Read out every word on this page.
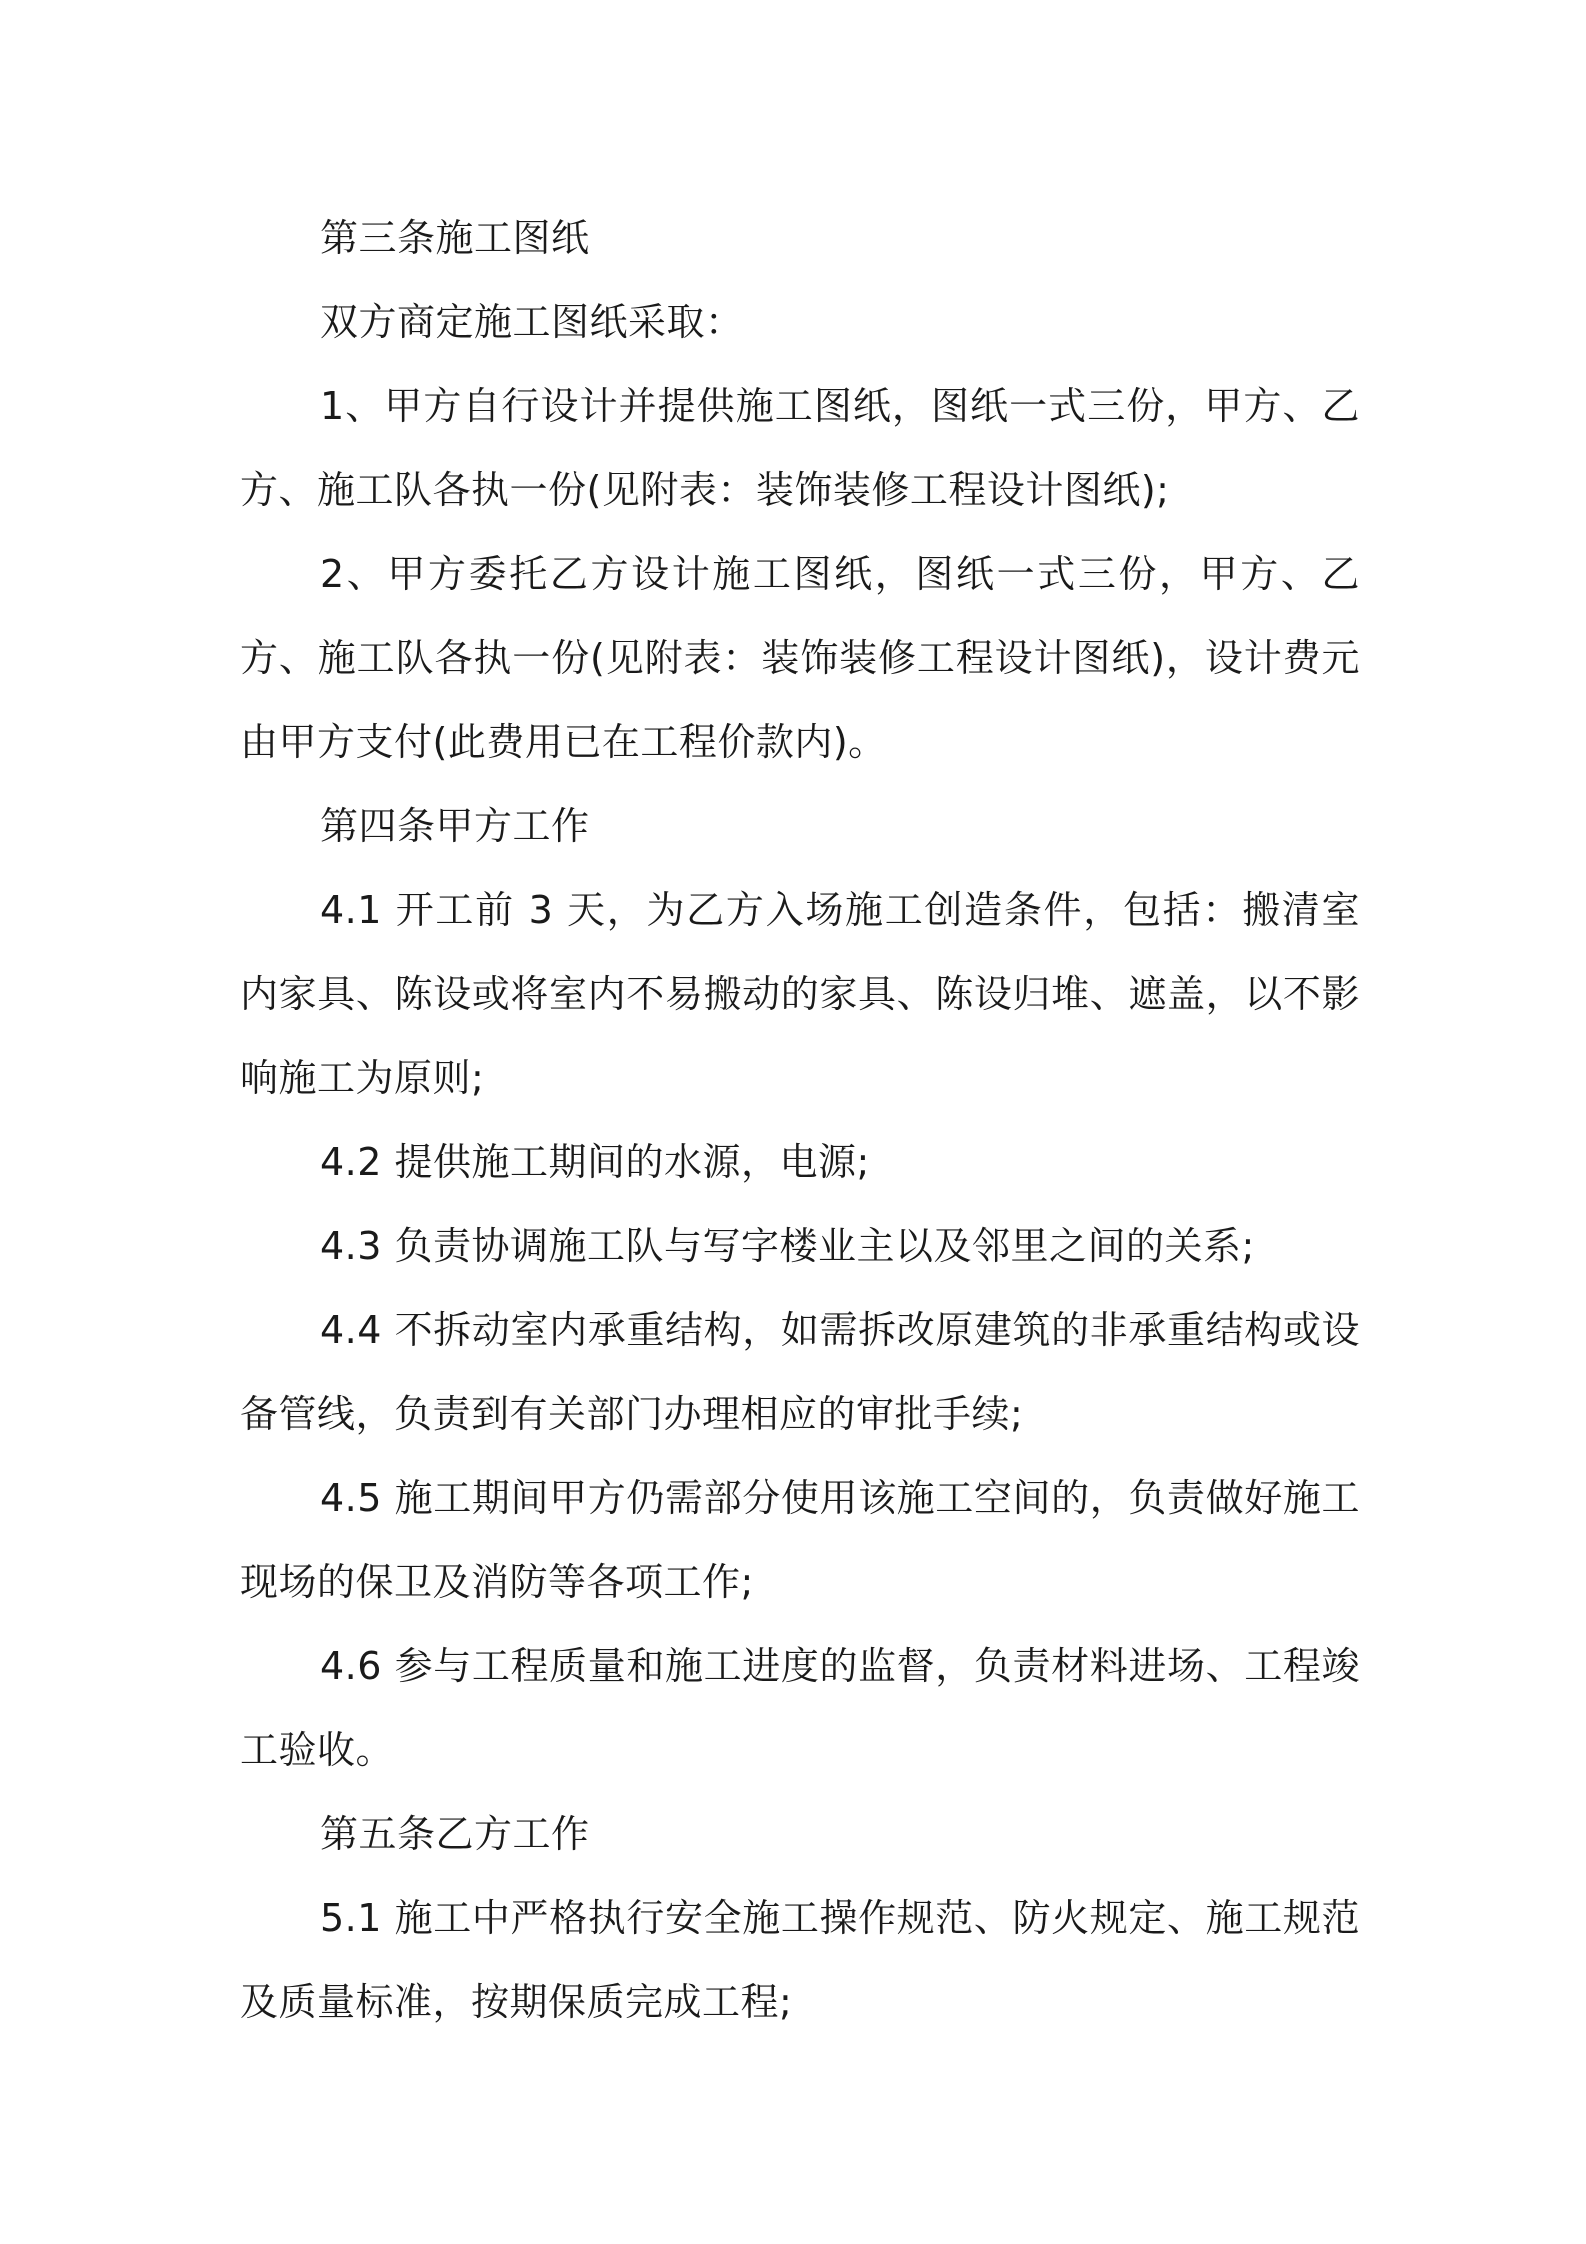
第三条施工图纸

双方商定施工图纸采取：

1、甲方自行设计并提供施工图纸，图纸一式三份，甲方、乙方、施工队各执一份(见附表：装饰装修工程设计图纸);

2、甲方委托乙方设计施工图纸，图纸一式三份，甲方、乙方、施工队各执一份(见附表：装饰装修工程设计图纸)，设计费元由甲方支付(此费用已在工程价款内)。

第四条甲方工作

4.1 开工前 3 天，为乙方入场施工创造条件，包括：搬清室内家具、陈设或将室内不易搬动的家具、陈设归堆、遮盖，以不影响施工为原则;

4.2 提供施工期间的水源，电源;

4.3 负责协调施工队与写字楼业主以及邻里之间的关系;

4.4 不拆动室内承重结构，如需拆改原建筑的非承重结构或设备管线，负责到有关部门办理相应的审批手续;

4.5 施工期间甲方仍需部分使用该施工空间的，负责做好施工现场的保卫及消防等各项工作;

4.6 参与工程质量和施工进度的监督，负责材料进场、工程竣工验收。

第五条乙方工作

5.1 施工中严格执行安全施工操作规范、防火规定、施工规范及质量标准，按期保质完成工程;
